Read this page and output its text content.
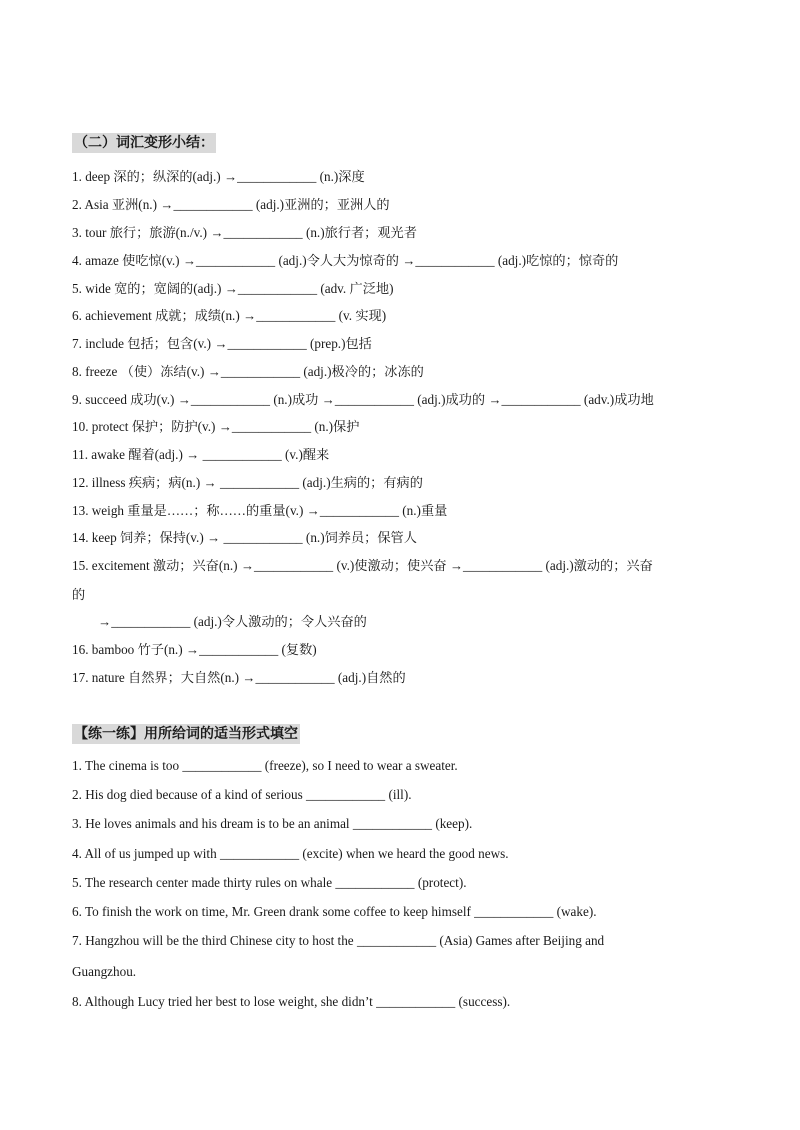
（二）词汇变形小结：
1. deep 深的；纵深的(adj.) →____________ (n.)深度
2. Asia 亚洲(n.) →____________ (adj.)亚洲的；亚洲人的
3. tour 旅行；旅游(n./v.) →____________ (n.)旅行者；观光者
4. amaze 使吃惊(v.) →____________ (adj.)令人大为惊奇的 →____________ (adj.)吃惊的；惊奇的
5. wide 宽的；宽阔的(adj.) →____________ (adv. 广泛地)
6. achievement 成就；成绩(n.) →____________ (v. 实现)
7. include 包括；包含(v.) →____________ (prep.)包括
8. freeze （使）冻结(v.) →____________ (adj.)极冷的；冰冻的
9. succeed 成功(v.) →____________ (n.)成功 →____________ (adj.)成功的 →____________ (adv.)成功地
10. protect 保护；防护(v.) →____________ (n.)保护
11. awake 醒着(adj.) → ____________ (v.)醒来
12. illness 疾病；病(n.) → ____________ (adj.)生病的；有病的
13. weigh 重量是……；称……的重量(v.) →____________ (n.)重量
14. keep 饲养；保持(v.) → ____________ (n.)饲养员；保管人
15. excitement 激动；兴奋(n.) →____________ (v.)使激动；使兴奋 →____________ (adj.)激动的；兴奋
的
→____________ (adj.)令人激动的；令人兴奋的
16. bamboo 竹子(n.) →____________ (复数)
17. nature 自然界；大自然(n.) →____________ (adj.)自然的
【练一练】用所给词的适当形式填空
1. The cinema is too ____________ (freeze), so I need to wear a sweater.
2. His dog died because of a kind of serious ____________ (ill).
3. He loves animals and his dream is to be an animal ____________ (keep).
4. All of us jumped up with ____________ (excite) when we heard the good news.
5. The research center made thirty rules on whale ____________ (protect).
6. To finish the work on time, Mr. Green drank some coffee to keep himself ____________ (wake).
7. Hangzhou will be the third Chinese city to host the ____________ (Asia) Games after Beijing and
Guangzhou.
8. Although Lucy tried her best to lose weight, she didn’t ____________ (success).
